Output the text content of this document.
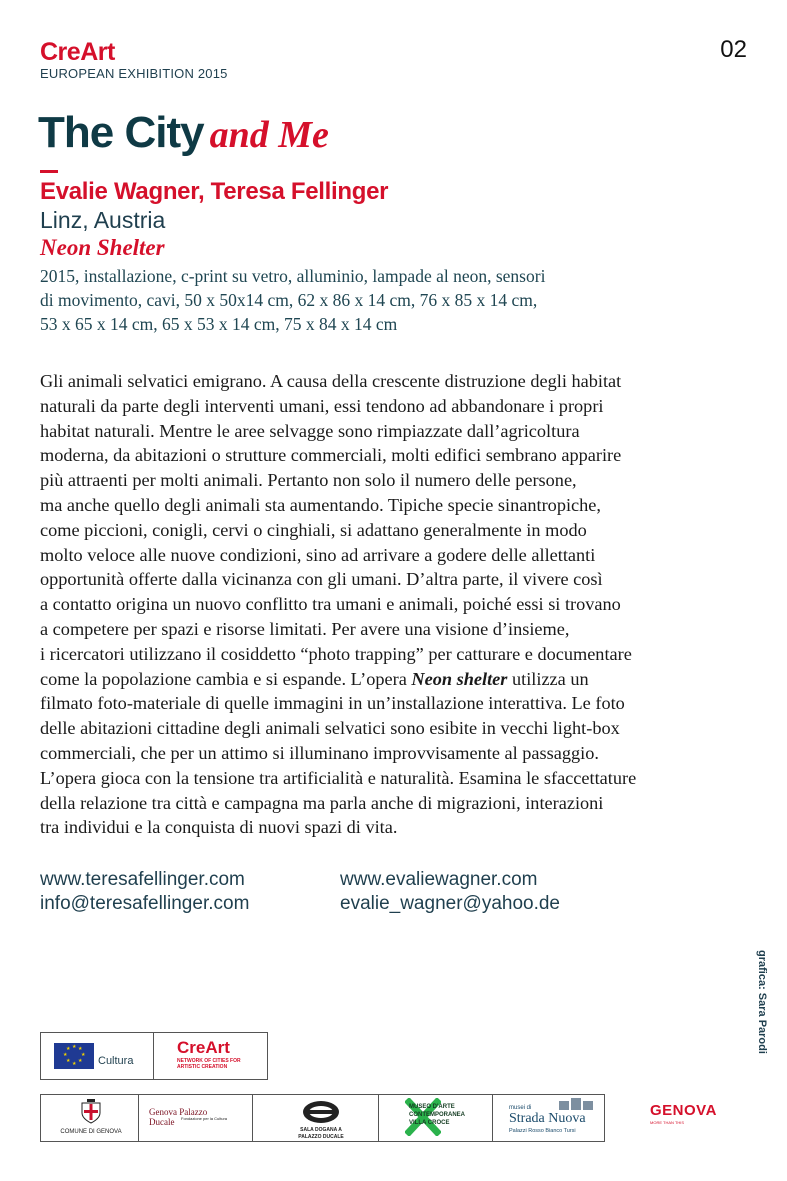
CreArt
EUROPEAN EXHIBITION 2015
02
The City and Me
Evalie Wagner, Teresa Fellinger
Linz, Austria
Neon Shelter
2015, installazione, c-print su vetro, alluminio, lampade al neon, sensori
di movimento, cavi, 50 x 50x14 cm, 62 x 86 x 14 cm, 76 x 85 x 14 cm,
53 x 65 x 14 cm, 65 x 53 x 14 cm, 75 x 84 x 14 cm
Gli animali selvatici emigrano. A causa della crescente distruzione degli habitat
naturali da parte degli interventi umani, essi tendono ad abbandonare i propri
habitat naturali. Mentre le aree selvagge sono rimpiazzate dall’agricoltura
moderna, da abitazioni o strutture commerciali, molti edifici sembrano apparire
più attraenti per molti animali. Pertanto non solo il numero delle persone,
ma anche quello degli animali sta aumentando. Tipiche specie sinantropiche,
come piccioni, conigli, cervi o cinghiali, si adattano generalmente in modo
molto veloce alle nuove condizioni, sino ad arrivare a godere delle allettanti
opportunità offerte dalla vicinanza con gli umani. D’altra parte, il vivere così
a contatto origina un nuovo conflitto tra umani e animali, poiché essi si trovano
a competere per spazi e risorse limitati. Per avere una visione d’insieme,
i ricercatori utilizzano il cosiddetto “photo trapping” per catturare e documentare
come la popolazione cambia e si espande. L’opera Neon shelter utilizza un
filmato foto-materiale di quelle immagini in un’installazione interattiva. Le foto
delle abitazioni cittadine degli animali selvatici sono esibite in vecchi light-box
commerciali, che per un attimo si illuminano improvvisamente al passaggio.
L’opera gioca con la tensione tra artificialità e naturalità. Esamina le sfaccettature
della relazione tra città e campagna ma parla anche di migrazioni, interazioni
tra individui e la conquista di nuovi spazi di vita.
www.teresafellinger.com
info@teresafellinger.com
www.evaliewagner.com
evalie_wagner@yahoo.de
grafica: Sara Parodi
★ ★
★
★
★
★
★
★
Cultura
CreArt
NETWORK OF CITIES FOR ARTISTIC CREATION
COMUNE DI GENOVA
Genova Palazzo Ducale	Fondazione per la Cultura
SALA DOGANA A PALAZZO DUCALE
MUSEO D'ARTE CONTEMPORANEA VILLA CROCE
musei di
Strada Nuova
Palazzi Rosso Bianco Tursi
GENOVA
MORE THAN THIS
